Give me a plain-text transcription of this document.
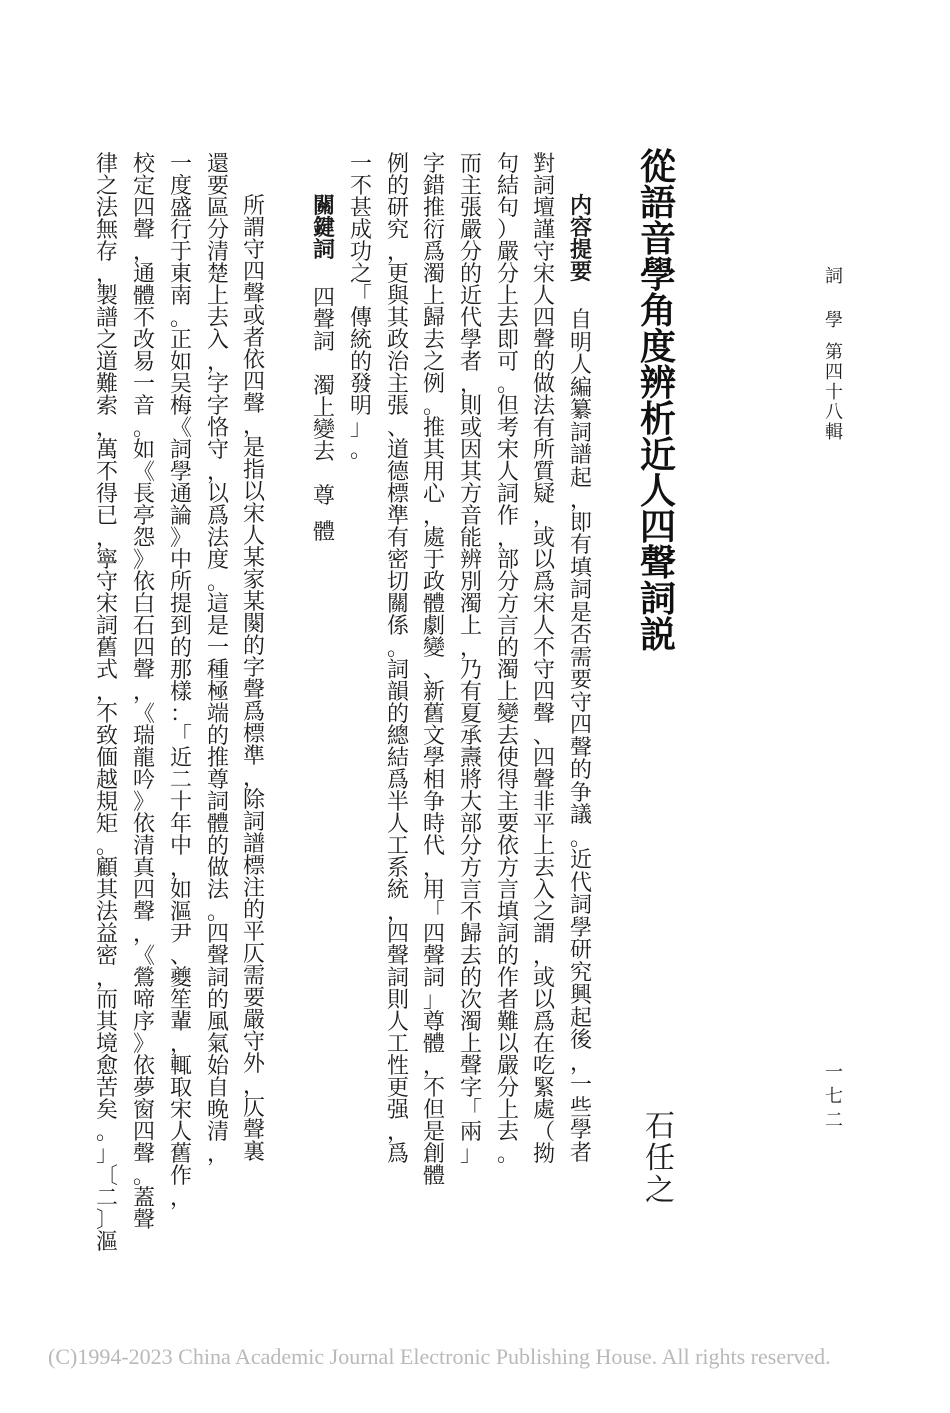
詞
學
第
四
十
八
輯
一
七
二
從
語
音
學
角
度
辨
析
近
人
四
聲
詞
説
石
任
之
内
容
提
要
自
明
人
編
纂
詞
譜
起
，
即
有
填
詞
是
否
需
要
守
四
聲
的
争
議
。
近
代
詞
學
研
究
興
起
後
，
一
些
學
者
對
詞
壇
謹
守
宋
人
四
聲
的
做
法
有
所
質
疑
，
或
以
爲
宋
人
不
守
四
聲
、
四
聲
非
平
上
去
入
之
謂
，
或
以
爲
在
吃
緊
處
（
拗
句
結
句
）
嚴
分
上
去
即
可
。
但
考
宋
人
詞
作
，
部
分
方
言
的
濁
上
變
去
使
得
主
要
依
方
言
填
詞
的
作
者
難
以
嚴
分
上
去
。
而
主
張
嚴
分
的
近
代
學
者
，
則
或
因
其
方
音
能
辨
別
濁
上
，
乃
有
夏
承
燾
將
大
部
分
方
言
不
歸
去
的
次
濁
上
聲
字
「
兩
」
字
錯
推
衍
爲
濁
上
歸
去
之
例
。
推
其
用
心
，
處
于
政
體
劇
變
、
新
舊
文
學
相
争
時
代
，
用
「
四
聲
詞
」
尊
體
，
不
但
是
創
體
例
的
研
究
，
更
與
其
政
治
主
張
、
道
德
標
準
有
密
切
關
係
。
詞
韻
的
總
結
爲
半
人
工
系
統
，
四
聲
詞
則
人
工
性
更
强
，
爲
一
不
甚
成
功
之
「
傳
統
的
發
明
」
。
關
鍵
詞
四
聲
詞
濁
上
變
去
尊
體
所
謂
守
四
聲
或
者
依
四
聲
，
是
指
以
宋
人
某
家
某
闋
的
字
聲
爲
標
準
，
除
詞
譜
標
注
的
平
仄
需
要
嚴
守
外
，
仄
聲
裏
還
要
區
分
清
楚
上
去
入
，
字
字
恪
守
，
以
爲
法
度
。
這
是
一
種
極
端
的
推
尊
詞
體
的
做
法
。
四
聲
詞
的
風
氣
始
自
晚
清
，
一
度
盛
行
于
東
南
。
正
如
吴
梅
《
詞
學
通
論
》
中
所
提
到
的
那
樣
：
「
近
二
十
年
中
，
如
漚
尹
、
夔
笙
輩
，
輒
取
宋
人
舊
作
，
校
定
四
聲
，
通
體
不
改
易
一
音
。
如
《
長
亭
怨
》
依
白
石
四
聲
，
《
瑞
龍
吟
》
依
清
真
四
聲
，
《
鶯
啼
序
》
依
夢
窗
四
聲
。
蓋
聲
律
之
法
無
存
，
製
譜
之
道
難
索
，
萬
不
得
已
，
寧
守
宋
詞
舊
式
，
不
致
偭
越
規
矩
。
顧
其
法
益
密
，
而
其
境
愈
苦
矣
。
」
〔
二
〕
漚
(C)1994-2023 China Academic Journal Electronic Publishing House. All rights reserved.
